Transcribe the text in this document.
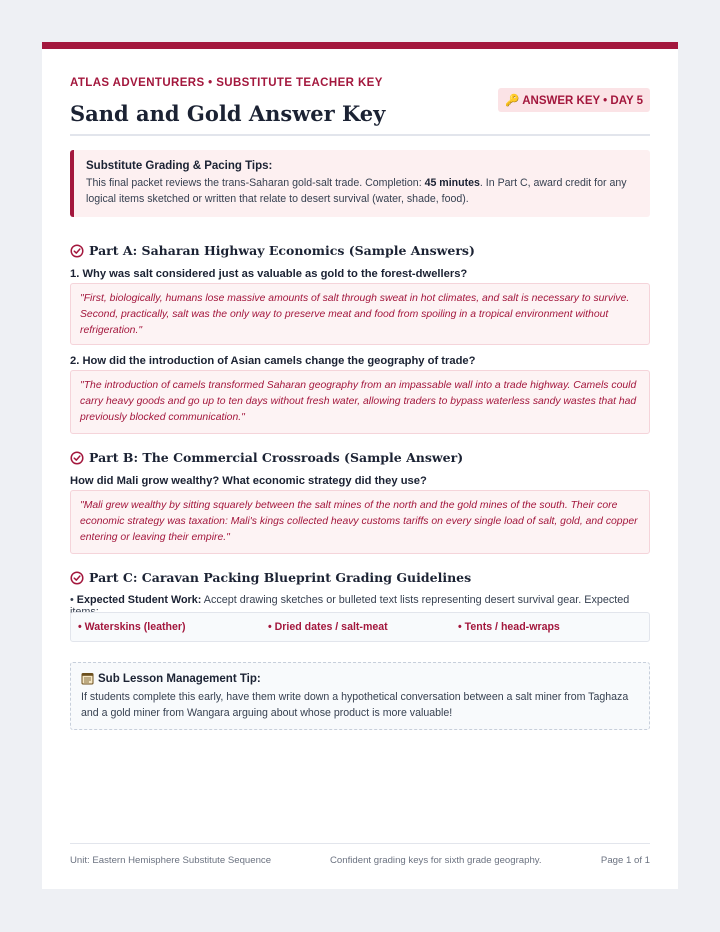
ATLAS ADVENTURERS • SUBSTITUTE TEACHER KEY
Sand and Gold Answer Key	🔑 ANSWER KEY • DAY 5
Substitute Grading & Pacing Tips:
This final packet reviews the trans-Saharan gold-salt trade. Completion: 45 minutes. In Part C, award credit for any logical items sketched or written that relate to desert survival (water, shade, food).
Part A: Saharan Highway Economics (Sample Answers)
1. Why was salt considered just as valuable as gold to the forest-dwellers?
"First, biologically, humans lose massive amounts of salt through sweat in hot climates, and salt is necessary to survive. Second, practically, salt was the only way to preserve meat and food from spoiling in a tropical environment without refrigeration."
2. How did the introduction of Asian camels change the geography of trade?
"The introduction of camels transformed Saharan geography from an impassable wall into a trade highway. Camels could carry heavy goods and go up to ten days without fresh water, allowing traders to bypass waterless sandy wastes that had previously blocked communication."
Part B: The Commercial Crossroads (Sample Answer)
How did Mali grow wealthy? What economic strategy did they use?
"Mali grew wealthy by sitting squarely between the salt mines of the north and the gold mines of the south. Their core economic strategy was taxation: Mali's kings collected heavy customs tariffs on every single load of salt, gold, and copper entering or leaving their empire."
Part C: Caravan Packing Blueprint Grading Guidelines
• Expected Student Work: Accept drawing sketches or bulleted text lists representing desert survival gear. Expected
• Waterskins (leather)	• Dried dates / salt-meat	• Tents / head-wraps
Sub Lesson Management Tip:
If students complete this early, have them write down a hypothetical conversation between a salt miner from Taghaza and a gold miner from Wangara arguing about whose product is more valuable!
Unit: Eastern Hemisphere Substitute Sequence	Confident grading keys for sixth grade geography.	Page 1 of 1
